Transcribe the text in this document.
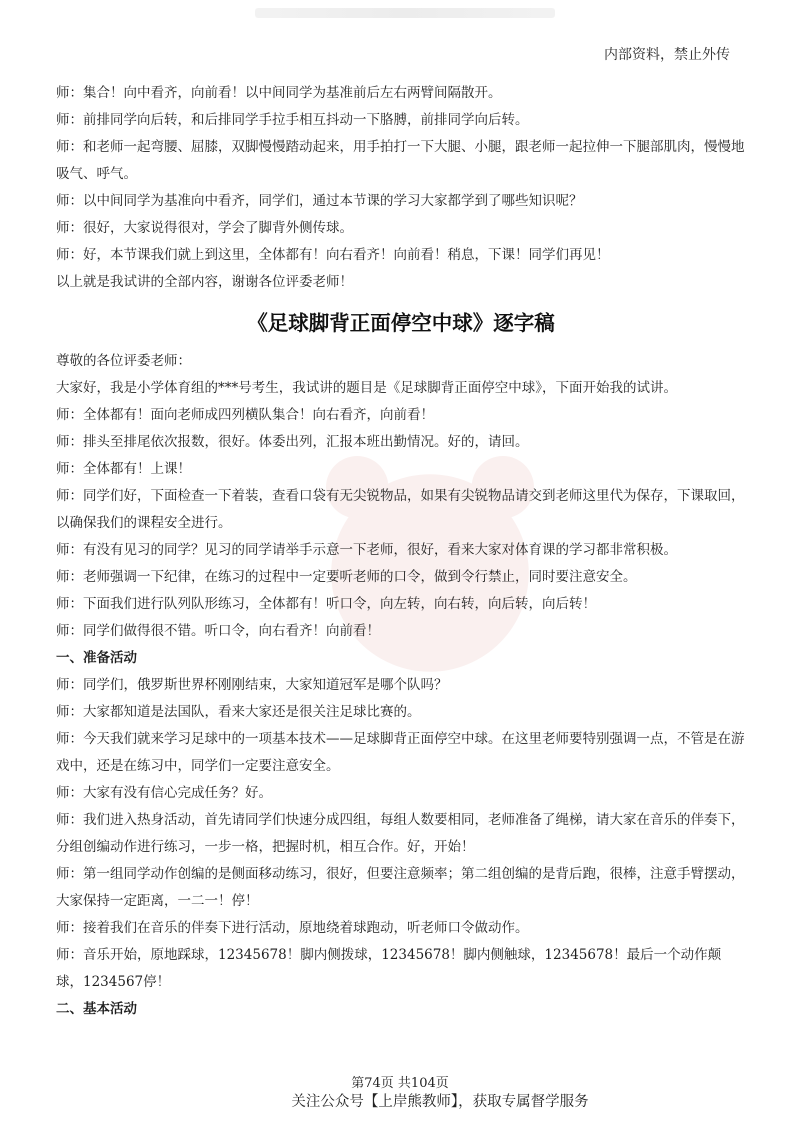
内部资料，禁止外传

师：集合！向中看齐，向前看！以中间同学为基准前后左右两臂间隔散开。

师：前排同学向后转，和后排同学手拉手相互抖动一下胳膊，前排同学向后转。

师：和老师一起弯腰、屈膝，双脚慢慢踏动起来，用手拍打一下大腿、小腿，跟老师一起拉伸一下腿部肌肉，慢慢地吸气、呼气。

师：以中间同学为基准向中看齐，同学们，通过本节课的学习大家都学到了哪些知识呢？

师：很好，大家说得很对，学会了脚背外侧传球。

师：好，本节课我们就上到这里，全体都有！向右看齐！向前看！稍息，下课！同学们再见！

以上就是我试讲的全部内容，谢谢各位评委老师！

《足球脚背正面停空中球》逐字稿

尊敬的各位评委老师：

大家好，我是小学体育组的***号考生，我试讲的题目是《足球脚背正面停空中球》，下面开始我的试讲。

师：全体都有！面向老师成四列横队集合！向右看齐，向前看！

师：排头至排尾依次报数，很好。体委出列，汇报本班出勤情况。好的，请回。

师：全体都有！上课！

师：同学们好，下面检查一下着装，查看口袋有无尖锐物品，如果有尖锐物品请交到老师这里代为保存，下课取回，以确保我们的课程安全进行。

师：有没有见习的同学？见习的同学请举手示意一下老师，很好，看来大家对体育课的学习都非常积极。

师：老师强调一下纪律，在练习的过程中一定要听老师的口令，做到令行禁止，同时要注意安全。

师：下面我们进行队列队形练习，全体都有！听口令，向左转，向右转，向后转，向后转！

师：同学们做得很不错。听口令，向右看齐！向前看！

一、准备活动

师：同学们，俄罗斯世界杯刚刚结束，大家知道冠军是哪个队吗？

师：大家都知道是法国队，看来大家还是很关注足球比赛的。

师：今天我们就来学习足球中的一项基本技术——足球脚背正面停空中球。在这里老师要特别强调一点，不管是在游戏中，还是在练习中，同学们一定要注意安全。

师：大家有没有信心完成任务？好。

师：我们进入热身活动，首先请同学们快速分成四组，每组人数要相同，老师准备了绳梯，请大家在音乐的伴奏下，分组创编动作进行练习，一步一格，把握时机，相互合作。好，开始！

师：第一组同学动作创编的是侧面移动练习，很好，但要注意频率；第二组创编的是背后跑，很棒，注意手臂摆动，大家保持一定距离，一二一！停！

师：接着我们在音乐的伴奏下进行活动，原地绕着球跑动，听老师口令做动作。

师：音乐开始，原地踩球，12345678！脚内侧拨球，12345678！脚内侧触球，12345678！最后一个动作颠球，1234567停！

二、基本活动

第74页 共104页
关注公众号【上岸熊教师】，获取专属督学服务
